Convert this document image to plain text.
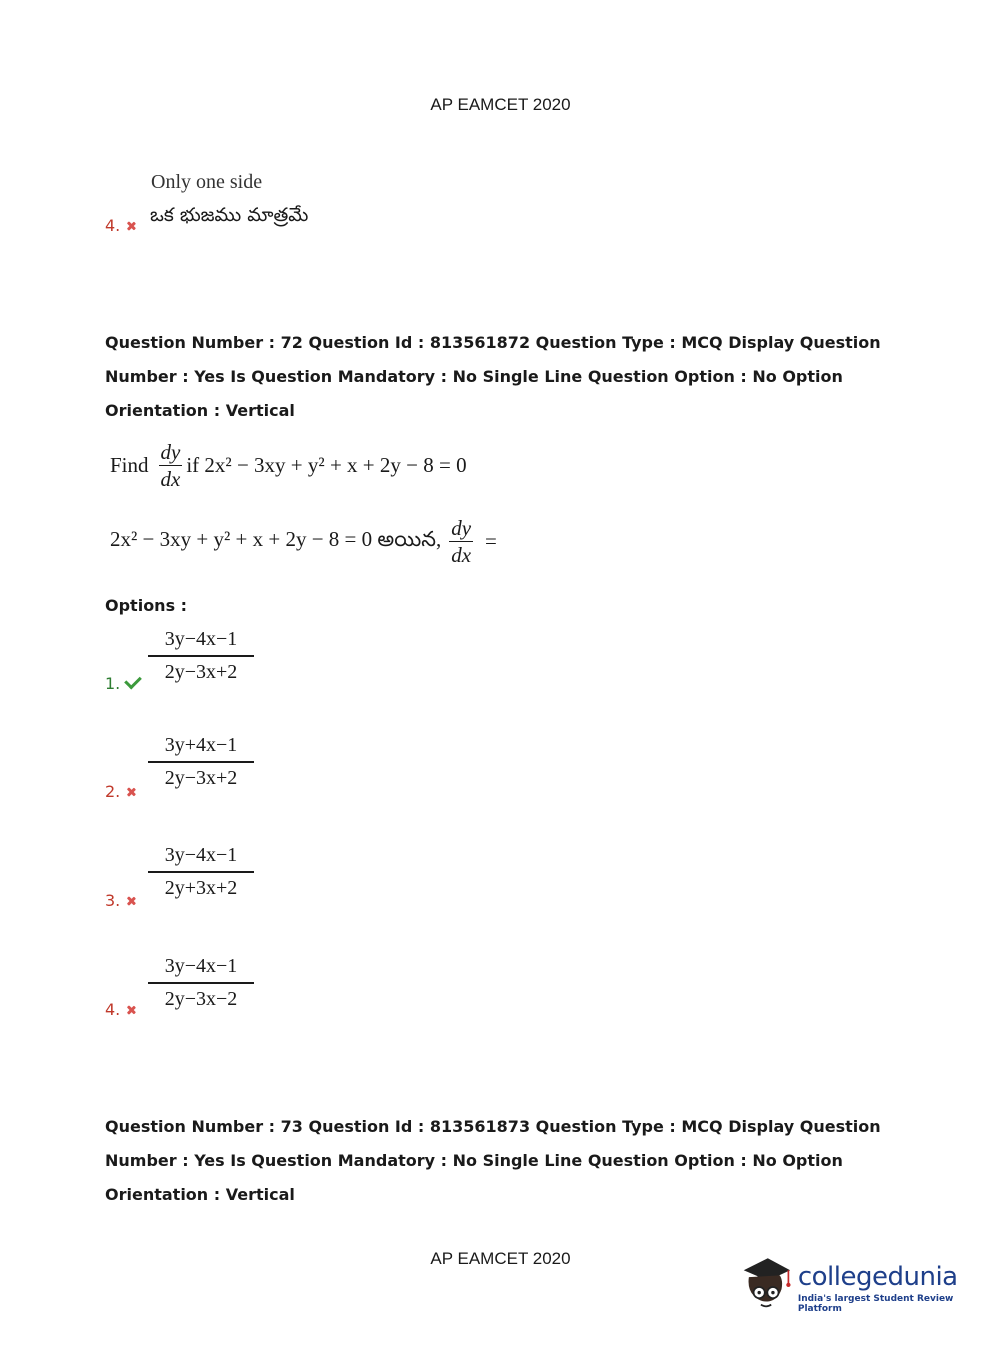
AP EAMCET 2020
Only one side
ఒక భుజము మాత్రమే
4.
Question Number : 72 Question Id : 813561872 Question Type : MCQ Display Question
Number : Yes Is Question Mandatory : No Single Line Question Option : No Option
Orientation : Vertical
Find $\frac{dy}{dx}$ if 2x² − 3xy + y² + x + 2y − 8 = 0
2x² − 3xy + y² + x + 2y − 8 = 0 అయిన, $\frac{dy}{dx}$ =
Options :
$\frac{3y-4x-1}{2y-3x+2}$
1.
$\frac{3y+4x-1}{2y-3x+2}$
2.
$\frac{3y-4x-1}{2y+3x+2}$
3.
$\frac{3y-4x-1}{2y-3x-2}$
4.
Question Number : 73 Question Id : 813561873 Question Type : MCQ Display Question
Number : Yes Is Question Mandatory : No Single Line Question Option : No Option
Orientation : Vertical
AP EAMCET 2020
collegedunia
India's largest Student Review Platform
